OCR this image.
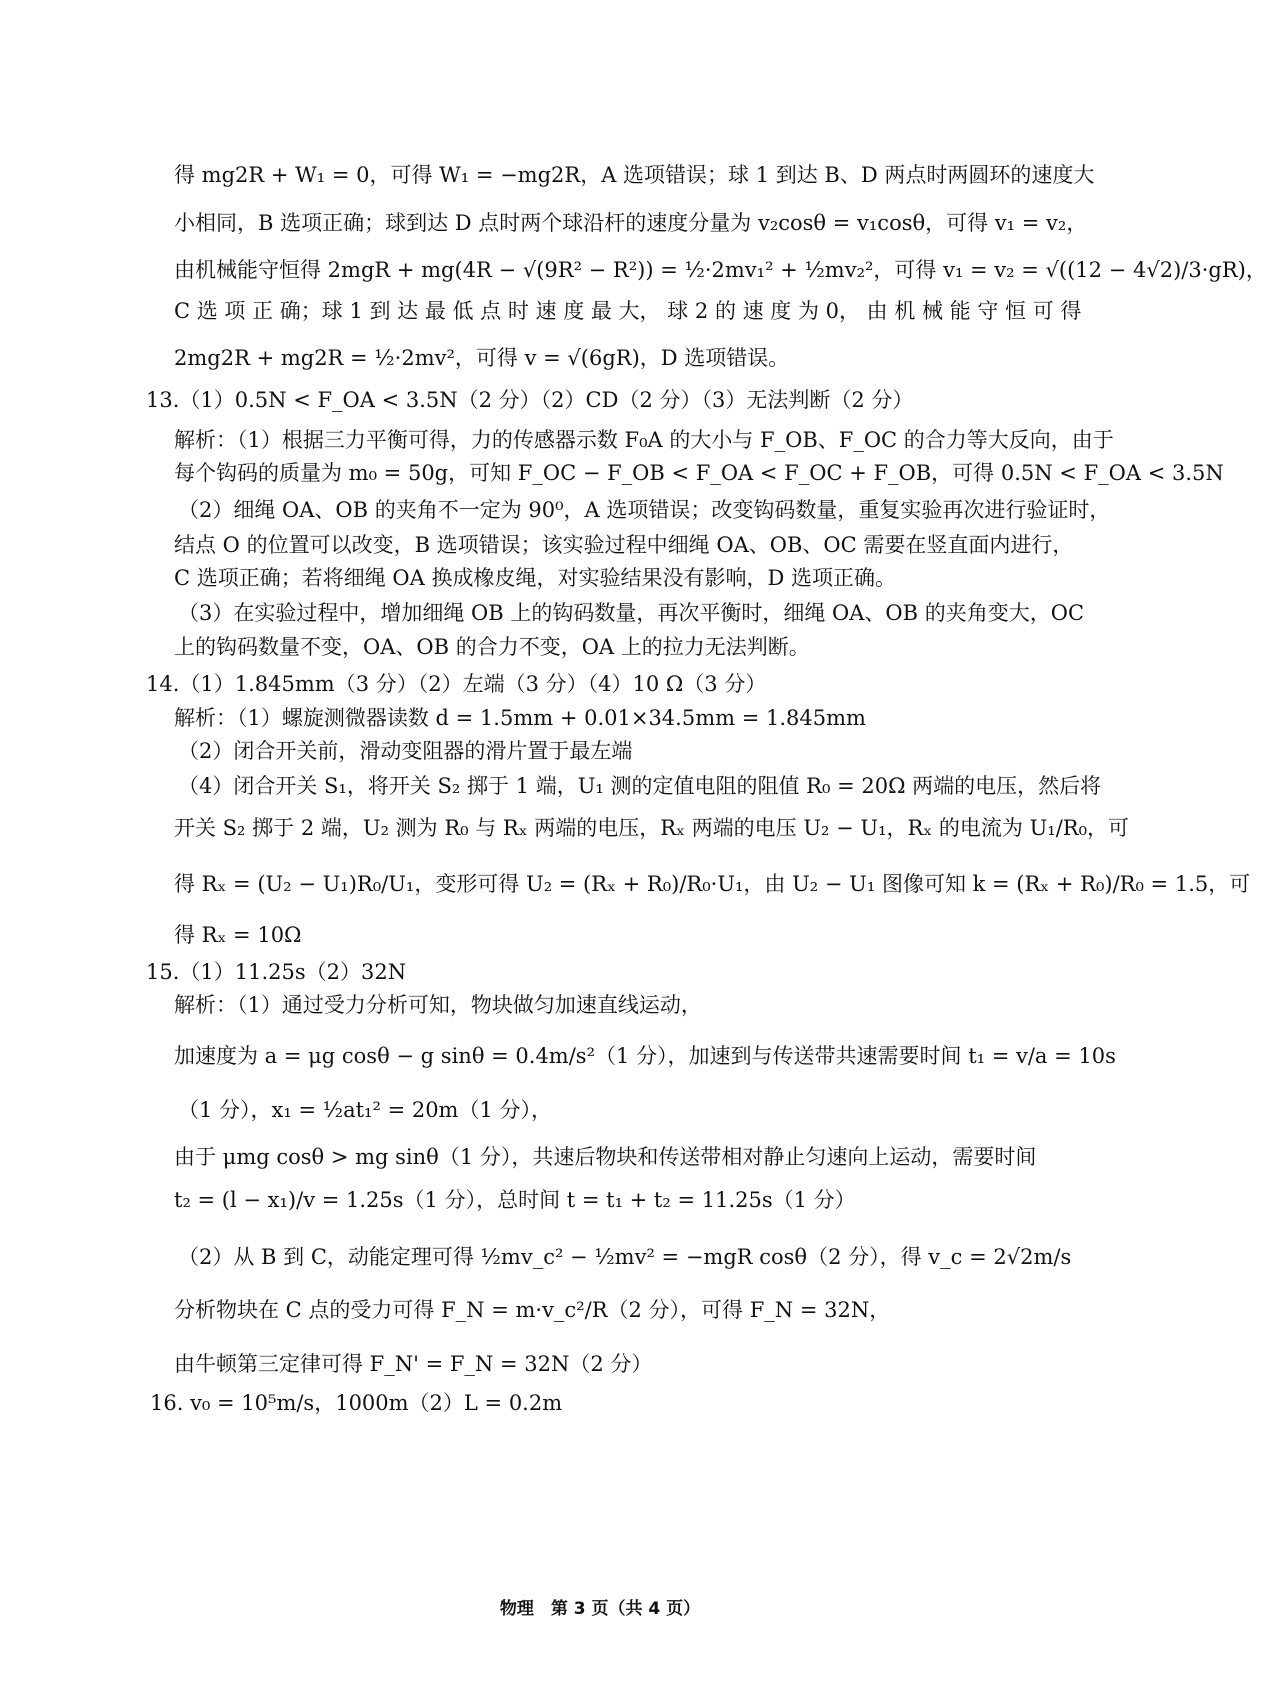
得 mg2R + W₁ = 0，可得 W₁ = −mg2R，A 选项错误；球 1 到达 B、D 两点时两圆环的速度大
小相同，B 选项正确；球到达 D 点时两个球沿杆的速度分量为 v₂cosθ = v₁cosθ，可得 v₁ = v₂，
由机械能守恒得 2mgR + mg(4R − √(9R² − R²)) = ½·2mv₁² + ½mv₂²，可得 v₁ = v₂ = √((12 − 4√2)/3·gR)，
C 选 项 正 确；球 1 到 达 最 低 点 时 速 度 最 大， 球 2 的 速 度 为 0， 由 机 械 能 守 恒 可 得
2mg2R + mg2R = ½·2mv²，可得 v = √(6gR)，D 选项错误。
13.（1）0.5N < F_OA < 3.5N（2 分）（2）CD（2 分）（3）无法判断（2 分）
解析：（1）根据三力平衡可得，力的传感器示数 F₀A 的大小与 F_OB、F_OC 的合力等大反向，由于
每个钩码的质量为 m₀ = 50g，可知 F_OC − F_OB < F_OA < F_OC + F_OB，可得 0.5N < F_OA < 3.5N
（2）细绳 OA、OB 的夹角不一定为 90⁰，A 选项错误；改变钩码数量，重复实验再次进行验证时，
结点 O 的位置可以改变，B 选项错误；该实验过程中细绳 OA、OB、OC 需要在竖直面内进行，
C 选项正确；若将细绳 OA 换成橡皮绳，对实验结果没有影响，D 选项正确。
（3）在实验过程中，增加细绳 OB 上的钩码数量，再次平衡时，细绳 OA、OB 的夹角变大，OC
上的钩码数量不变，OA、OB 的合力不变，OA 上的拉力无法判断。
14.（1）1.845mm（3 分）（2）左端（3 分）（4）10 Ω（3 分）
解析：（1）螺旋测微器读数 d = 1.5mm + 0.01×34.5mm = 1.845mm
（2）闭合开关前，滑动变阻器的滑片置于最左端
（4）闭合开关 S₁，将开关 S₂ 掷于 1 端，U₁ 测的定值电阻的阻值 R₀ = 20Ω 两端的电压，然后将
开关 S₂ 掷于 2 端，U₂ 测为 R₀ 与 Rₓ 两端的电压，Rₓ 两端的电压 U₂ − U₁，Rₓ 的电流为 U₁/R₀，可
得 Rₓ = (U₂ − U₁)R₀/U₁，变形可得 U₂ = (Rₓ + R₀)/R₀·U₁，由 U₂ − U₁ 图像可知 k = (Rₓ + R₀)/R₀ = 1.5，可
得 Rₓ = 10Ω
15.（1）11.25s（2）32N
解析：（1）通过受力分析可知，物块做匀加速直线运动，
加速度为 a = μg cosθ − g sinθ = 0.4m/s²（1 分），加速到与传送带共速需要时间 t₁ = v/a = 10s
（1 分），x₁ = ½at₁² = 20m（1 分），
由于 μmg cosθ > mg sinθ（1 分），共速后物块和传送带相对静止匀速向上运动，需要时间
t₂ = (l − x₁)/v = 1.25s（1 分），总时间 t = t₁ + t₂ = 11.25s（1 分）
（2）从 B 到 C，动能定理可得 ½mv_c² − ½mv² = −mgR cosθ（2 分），得 v_c = 2√2m/s
分析物块在 C 点的受力可得 F_N = m·v_c²/R（2 分），可得 F_N = 32N，
由牛顿第三定律可得 F_N' = F_N = 32N（2 分）
16. v₀ = 10⁵m/s，1000m（2）L = 0.2m
物理　第 3 页（共 4 页）
